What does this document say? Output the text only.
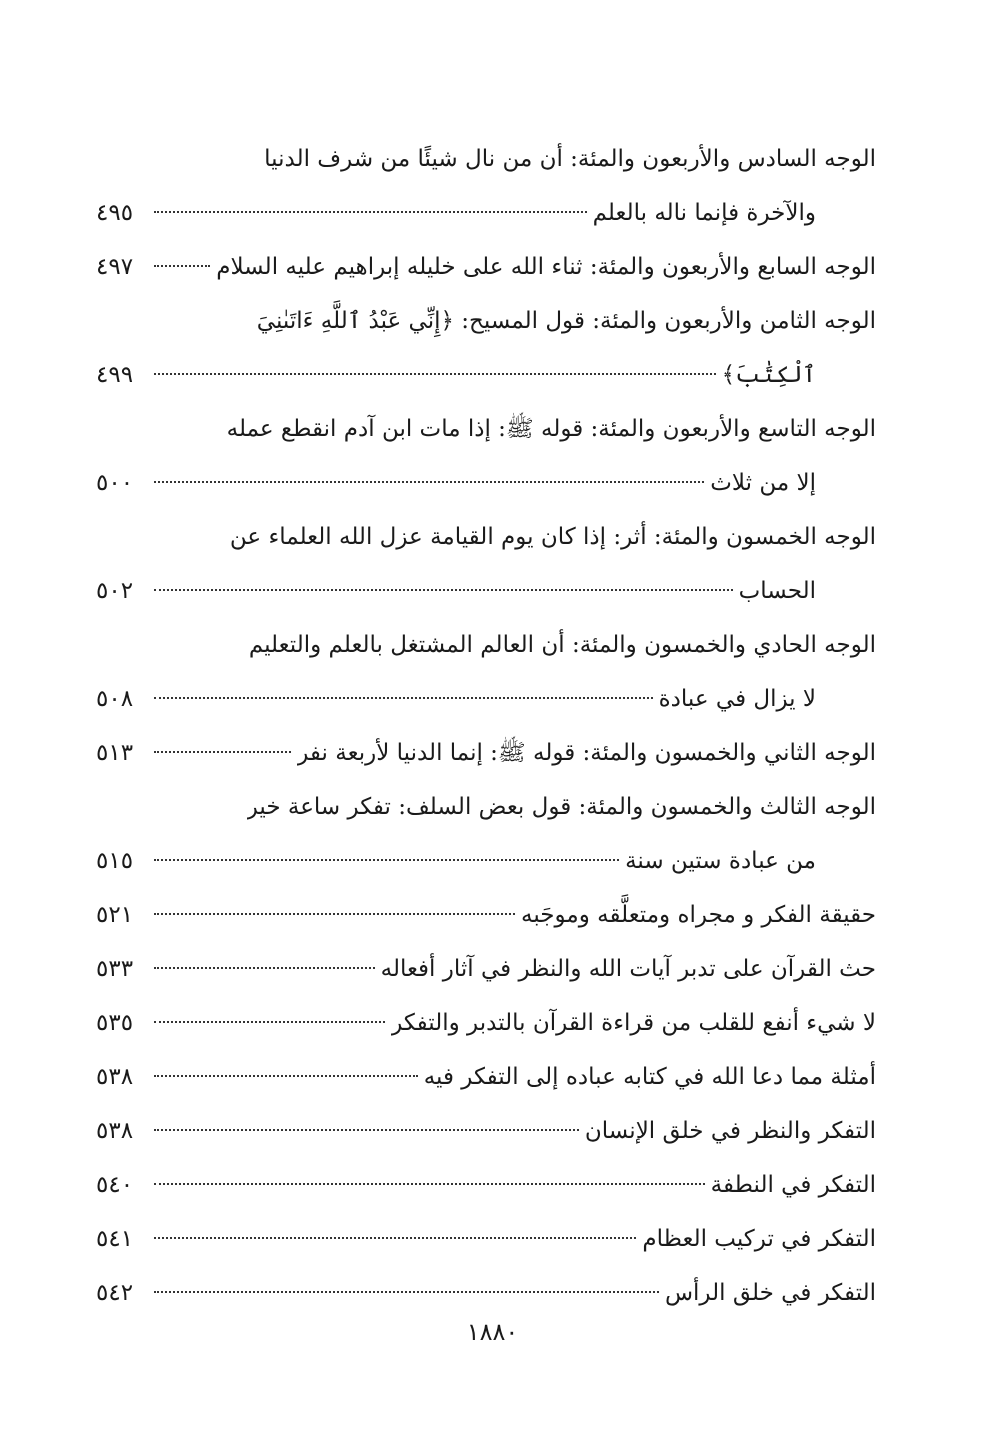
الوجه السادس والأربعون والمئة: أن من نال شيئًا من شرف الدنيا
والآخرة فإنما ناله بالعلم
٤٩٥
الوجه السابع والأربعون والمئة: ثناء الله على خليله إبراهيم عليه السلام
٤٩٧
الوجه الثامن والأربعون والمئة: قول المسيح: ﴿إِنِّي عَبْدُ ٱللَّهِ ءَاتَىٰنِيَ
ٱلْكِتَٰبَ﴾
٤٩٩
الوجه التاسع والأربعون والمئة: قوله ﷺ: إذا مات ابن آدم انقطع عمله
إلا من ثلاث
٥٠٠
الوجه الخمسون والمئة: أثر: إذا كان يوم القيامة عزل الله العلماء عن
الحساب
٥٠٢
الوجه الحادي والخمسون والمئة: أن العالم المشتغل بالعلم والتعليم
لا يزال في عبادة
٥٠٨
الوجه الثاني والخمسون والمئة: قوله ﷺ: إنما الدنيا لأربعة نفر
٥١٣
الوجه الثالث والخمسون والمئة: قول بعض السلف: تفكر ساعة خير
من عبادة ستين سنة
٥١٥
حقيقة الفكر و مجراه ومتعلَّقه وموجَبه
٥٢١
حث القرآن على تدبر آيات الله والنظر في آثار أفعاله
٥٣٣
لا شيء أنفع للقلب من قراءة القرآن بالتدبر والتفكر
٥٣٥
أمثلة مما دعا الله في كتابه عباده إلى التفكر فيه
٥٣٨
التفكر والنظر في خلق الإنسان
٥٣٨
التفكر في النطفة
٥٤٠
التفكر في تركيب العظام
٥٤١
التفكر في خلق الرأس
٥٤٢
١٨٨٠
